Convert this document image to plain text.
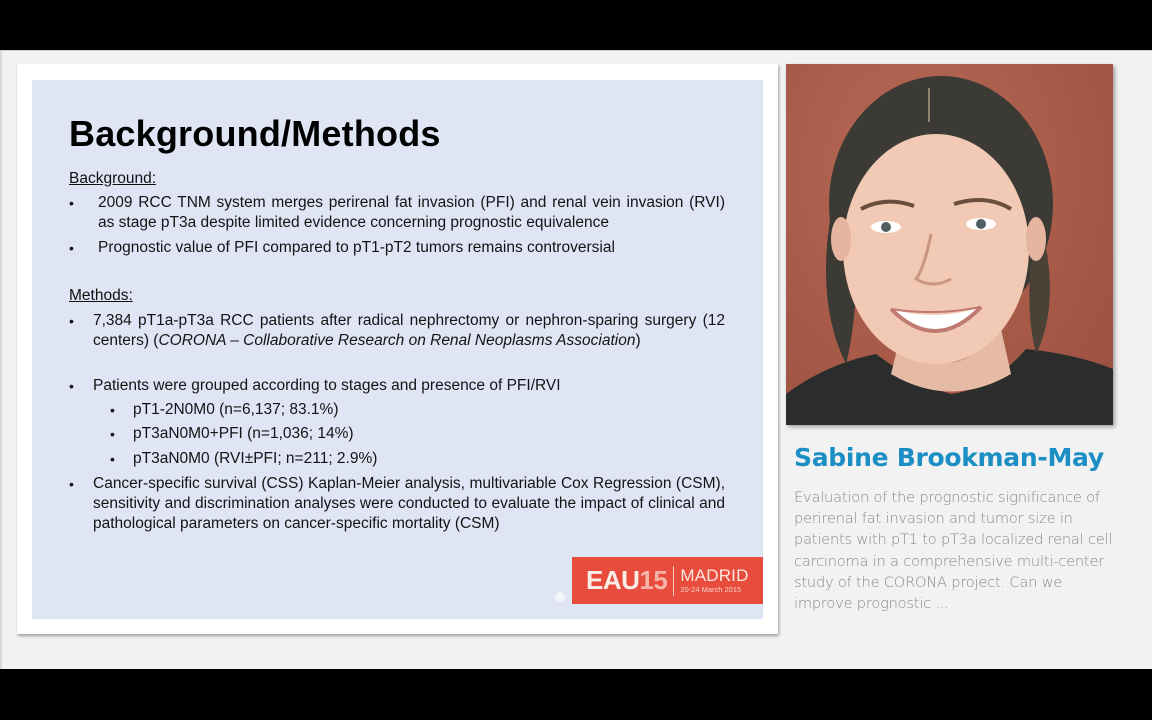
Background/Methods
Background:
• 2009 RCC TNM system merges perirenal fat invasion (PFI) and renal vein invasion (RVI) as stage pT3a despite limited evidence concerning prognostic equivalence
• Prognostic value of PFI compared to pT1-pT2 tumors remains controversial
Methods:
• 7,384 pT1a-pT3a RCC patients after radical nephrectomy or nephron-sparing surgery (12 centers) (CORONA – Collaborative Research on Renal Neoplasms Association)
• Patients were grouped according to stages and presence of PFI/RVI
• pT1-2N0M0 (n=6,137; 83.1%)
• pT3aN0M0+PFI (n=1,036; 14%)
• pT3aN0M0 (RVI±PFI; n=211; 2.9%)
• Cancer-specific survival (CSS) Kaplan-Meier analysis, multivariable Cox Regression (CSM), sensitivity and discrimination analyses were conducted to evaluate the impact of clinical and pathological parameters on cancer-specific mortality (CSM)
EAU 15 MADRID
20-24 March 2015
Sabine Brookman-May
Evaluation of the prognostic significance of perirenal fat invasion and tumor size in patients with pT1 to pT3a localized renal cell carcinoma in a comprehensive multi-center study of the CORONA project. Can we improve prognostic ...
